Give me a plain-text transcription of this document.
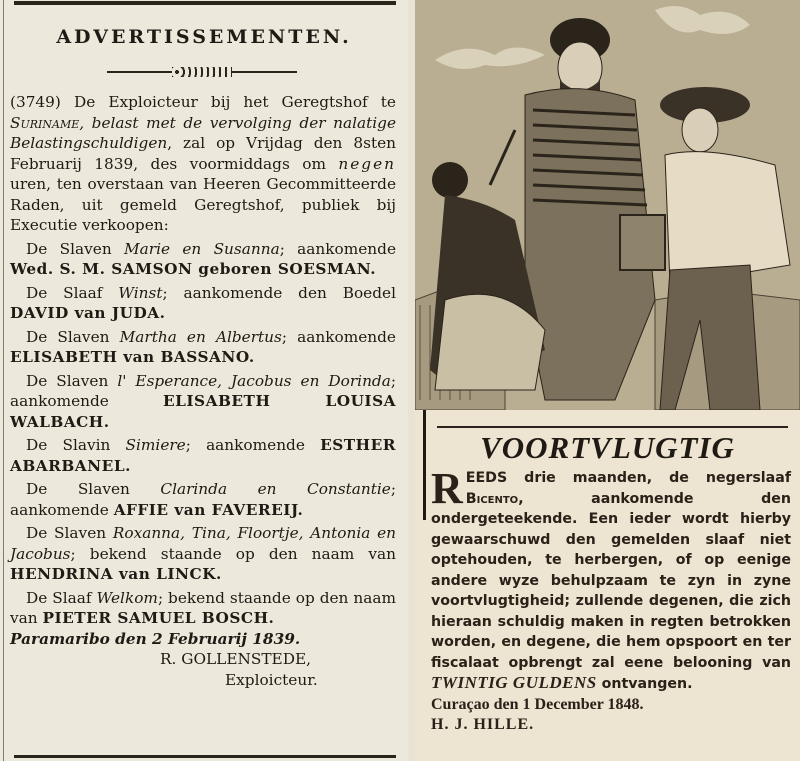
ADVERTISSEMENTEN.

(3749) De Exploicteur bij het Geregtshof te Suriname, belast met de vervolging der nalatige Belastingschuldigen, zal op Vrijdag den 8sten Februarij 1839, des voormiddags om negen uren, ten overstaan van Heeren Gecommitteerde Raden, uit gemeld Geregtshof, publiek bij Executie verkoopen:

De Slaven Marie en Susanna; aankomende Wed. S. M. SAMSON geboren SOESMAN.

De Slaaf Winst; aankomende den Boedel DAVID van JUDA.

De Slaven Martha en Albertus; aankomende ELISABETH van BASSANO.

De Slaven l' Esperance, Jacobus en Dorinda; aankomende ELISABETH LOUISA WALBACH.

De Slavin Simiere; aankomende ESTHER ABARBANEL.

De Slaven Clarinda en Constantie; aankomende AFFIE van FAVEREIJ.

De Slaven Roxanna, Tina, Floortje, Antonia en Jacobus; bekend staande op den naam van HENDRINA van LINCK.

De Slaaf Welkom; bekend staande op den naam van PIETER SAMUEL BOSCH.

Paramaribo den 2 Februarij 1839.

R. GOLLENSTEDE,

Exploicteur.

VOORTVLUGTIG

REEDS drie maanden, de negerslaaf Bicento, aankomende den ondergeteekende. Een ieder wordt hierby gewaarschuwd den gemelden slaaf niet optehouden, te herbergen, of op eenige andere wyze behulpzaam te zyn in zyne voortvlugtigheid; zullende degenen, die zich hieraan schuldig maken in regten betrokken worden, en degene, die hem opspoort en ter fiscalaat opbrengt zal eene belooning van TWINTIG GULDENS ontvangen.

Curaçao den 1 December 1848.

H. J. HILLE.
